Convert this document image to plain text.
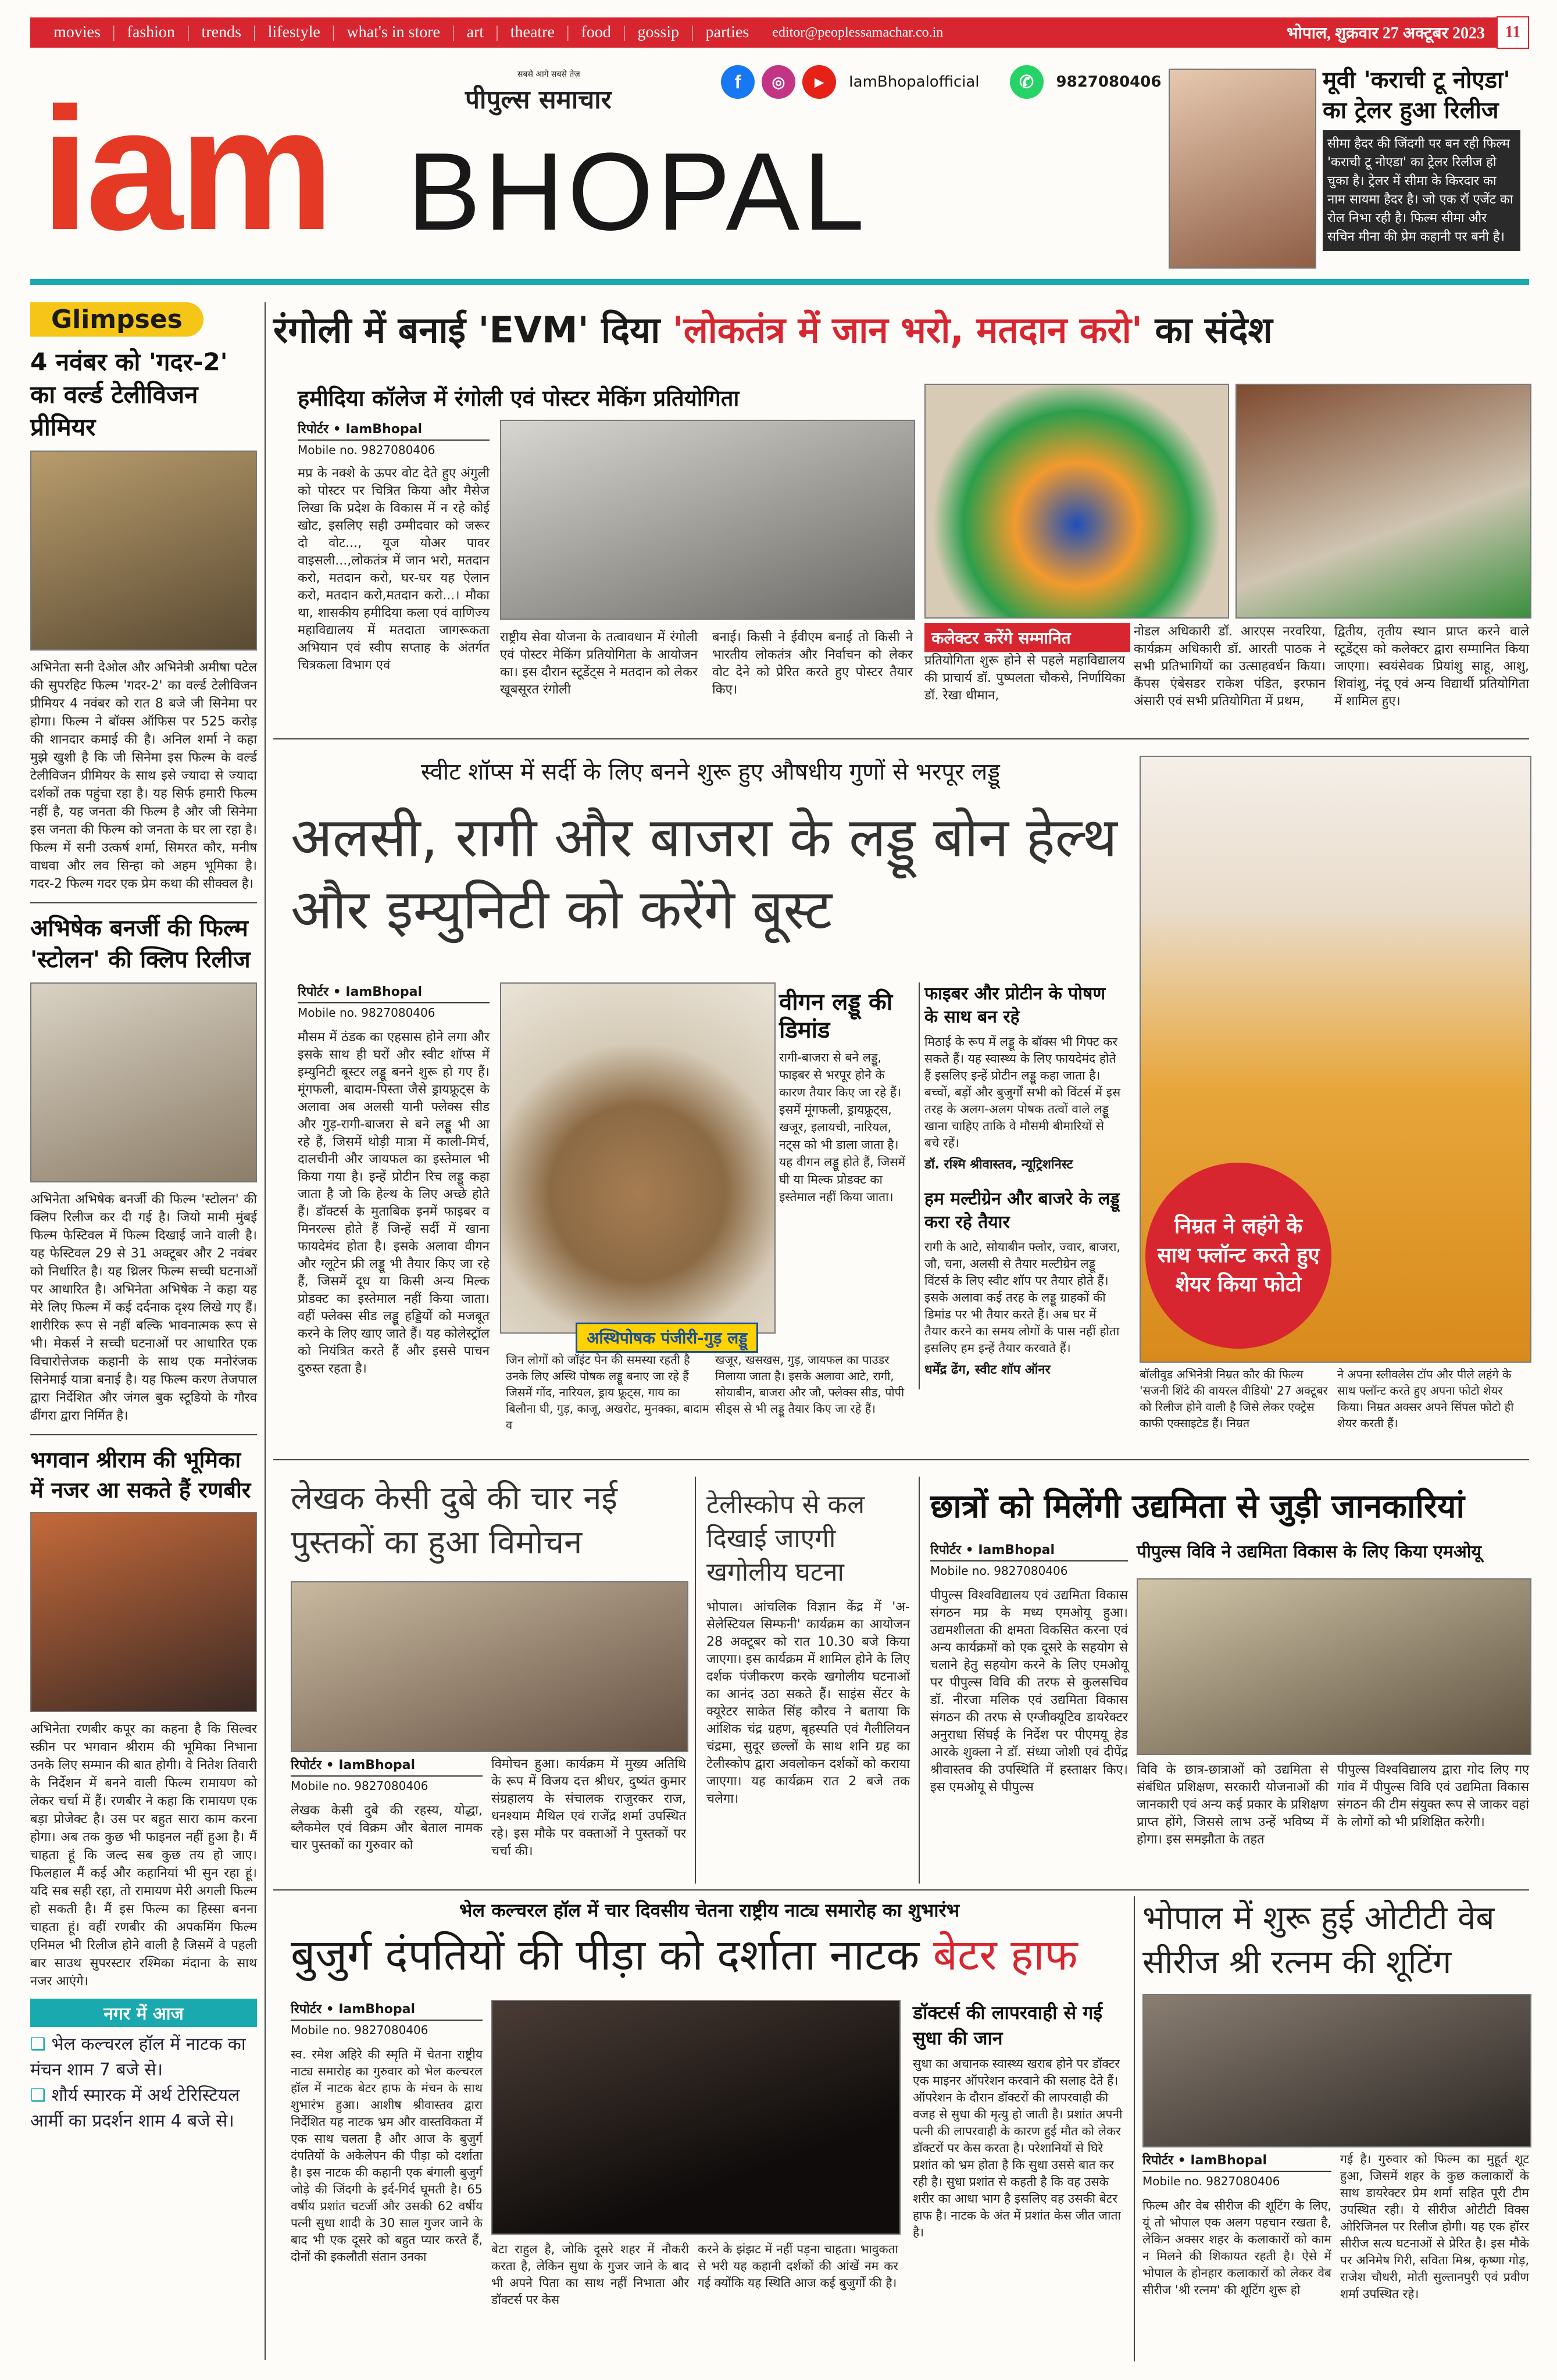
movies | fashion | trends | lifestyle | what's in store | art | theatre | food | gossip | parties	editor@peoplessamachar.co.in	भोपाल, शुक्रवार 27 अक्टूबर 2023	11
iam BHOPAL
सबसे आगे सबसे तेज़
पीपुल्स समाचार
f	◎	▶	IamBhopalofficial	✆	9827080406	मूवी 'कराची टू नोएडा' का ट्रेलर हुआ रिलीज
सीमा हैदर की जिंदगी पर बन रही फिल्म 'कराची टू नोएडा' का ट्रेलर रिलीज हो चुका है। ट्रेलर में सीमा के किरदार का नाम सायमा हैदर है। जो एक रॉ एजेंट का रोल निभा रही है। फिल्म सीमा और सचिन मीना की प्रेम कहानी पर बनी है।
Glimpses
4 नवंबर को 'गदर-2' का वर्ल्ड टेलीविजन प्रीमियर
अभिनेता सनी देओल और अभिनेत्री अमीषा पटेल की सुपरहिट फिल्म 'गदर-2' का वर्ल्ड टेलीविजन प्रीमियर 4 नवंबर को रात 8 बजे जी सिनेमा पर होगा। फिल्म ने बॉक्स ऑफिस पर 525 करोड़ की शानदार कमाई की है। अनिल शर्मा ने कहा मुझे खुशी है कि जी सिनेमा इस फिल्म के वर्ल्ड टेलीविजन प्रीमियर के साथ इसे ज्यादा से ज्यादा दर्शकों तक पहुंचा रहा है। यह सिर्फ हमारी फिल्म नहीं है, यह जनता की फिल्म है और जी सिनेमा इस जनता की फिल्म को जनता के घर ला रहा है। फिल्म में सनी उत्कर्ष शर्मा, सिमरत कौर, मनीष वाधवा और लव सिन्हा को अहम भूमिका है। गदर-2 फिल्म गदर एक प्रेम कथा की सीक्वल है।
अभिषेक बनर्जी की फिल्म 'स्टोलन' की क्लिप रिलीज
अभिनेता अभिषेक बनर्जी की फिल्म 'स्टोलन' की क्लिप रिलीज कर दी गई है। जियो मामी मुंबई फिल्म फेस्टिवल में फिल्म दिखाई जाने वाली है। यह फेस्टिवल 29 से 31 अक्टूबर और 2 नवंबर को निर्धारित है। यह थ्रिलर फिल्म सच्ची घटनाओं पर आधारित है। अभिनेता अभिषेक ने कहा यह मेरे लिए फिल्म में कई दर्दनाक दृश्य लिखे गए हैं। शारीरिक रूप से नहीं बल्कि भावनात्मक रूप से भी। मेकर्स ने सच्ची घटनाओं पर आधारित एक विचारोत्तेजक कहानी के साथ एक मनोरंजक सिनेमाई यात्रा बनाई है। यह फिल्म करण तेजपाल द्वारा निर्देशित और जंगल बुक स्टूडियो के गौरव ढींगरा द्वारा निर्मित है।
भगवान श्रीराम की भूमिका में नजर आ सकते हैं रणबीर
अभिनेता रणबीर कपूर का कहना है कि सिल्वर स्क्रीन पर भगवान श्रीराम की भूमिका निभाना उनके लिए सम्मान की बात होगी। वे नितेश तिवारी के निर्देशन में बनने वाली फिल्म रामायण को लेकर चर्चा में हैं। रणबीर ने कहा कि रामायण एक बड़ा प्रोजेक्ट है। उस पर बहुत सारा काम करना होगा। अब तक कुछ भी फाइनल नहीं हुआ है। मैं चाहता हूं कि जल्द सब कुछ तय हो जाए। फिलहाल मैं कई और कहानियां भी सुन रहा हूं। यदि सब सही रहा, तो रामायण मेरी अगली फिल्म हो सकती है। मैं इस फिल्म का हिस्सा बनना चाहता हूं। वहीं रणबीर की अपकमिंग फिल्म एनिमल भी रिलीज होने वाली है जिसमें वे पहली बार साउथ सुपरस्टार रश्मिका मंदाना के साथ नजर आएंगे।
नगर में आज
❑ भेल कल्चरल हॉल में नाटक का मंचन शाम 7 बजे से।
❑ शौर्य स्मारक में अर्थ टेरिस्टियल आर्मी का प्रदर्शन शाम 4 बजे से।
रंगोली में बनाई 'EVM' दिया 'लोकतंत्र में जान भरो, मतदान करो' का संदेश
हमीदिया कॉलेज में रंगोली एवं पोस्टर मेकिंग प्रतियोगिता
रिपोर्टर • IamBhopal
Mobile no. 9827080406
मप्र के नक्शे के ऊपर वोट देते हुए अंगुली को पोस्टर पर चित्रित किया और मैसेज लिखा कि प्रदेश के विकास में न रहे कोई खोट, इसलिए सही उम्मीदवार को जरूर दो वोट..., यूज योअर पावर वाइसली...,लोकतंत्र में जान भरो, मतदान करो, मतदान करो, घर-घर यह ऐलान करो, मतदान करो,मतदान करो...। मौका था, शासकीय हमीदिया कला एवं वाणिज्य महाविद्यालय में मतदाता जागरूकता अभियान एवं स्वीप सप्ताह के अंतर्गत चित्रकला विभाग एवं
राष्ट्रीय सेवा योजना के तत्वावधान में रंगोली एवं पोस्टर मेकिंग प्रतियोगिता के आयोजन का। इस दौरान स्टूडेंट्स ने मतदान को लेकर खूबसूरत रंगोली
बनाई। किसी ने ईवीएम बनाई तो किसी ने भारतीय लोकतंत्र और निर्वाचन को लेकर वोट देने को प्रेरित करते हुए पोस्टर तैयार किए।
कलेक्टर करेंगे सम्मानित
प्रतियोगिता शुरू होने से पहले महाविद्यालय की प्राचार्य डॉ. पुष्पलता चौकसे, निर्णायिका डॉ. रेखा धीमान,
नोडल अधिकारी डॉ. आरएस नरवरिया, कार्यक्रम अधिकारी डॉ. आरती पाठक ने सभी प्रतिभागियों का उत्साहवर्धन किया। कैंपस एंबेसडर राकेश पंडित, इरफान अंसारी एवं सभी प्रतियोगिता में प्रथम,
द्वितीय, तृतीय स्थान प्राप्त करने वाले स्टूडेंट्स को कलेक्टर द्वारा सम्मानित किया जाएगा। स्वयंसेवक प्रियांशु साहू, आशु, शिवांशु, नंदू एवं अन्य विद्यार्थी प्रतियोगिता में शामिल हुए।
स्वीट शॉप्स में सर्दी के लिए बनने शुरू हुए औषधीय गुणों से भरपूर लड्डू
अलसी, रागी और बाजरा के लड्डू बोन हेल्थ और इम्युनिटी को करेंगे बूस्ट
रिपोर्टर • IamBhopal
Mobile no. 9827080406
मौसम में ठंडक का एहसास होने लगा और इसके साथ ही घरों और स्वीट शॉप्स में इम्युनिटी बूस्टर लड्डू बनने शुरू हो गए हैं। मूंगफली, बादाम-पिस्ता जैसे ड्रायफ्रूट्स के अलावा अब अलसी यानी फ्लेक्स सीड और गुड़-रागी-बाजरा से बने लड्डू भी आ रहे हैं, जिसमें थोड़ी मात्रा में काली-मिर्च, दालचीनी और जायफल का इस्तेमाल भी किया गया है। इन्हें प्रोटीन रिच लड्डू कहा जाता है जो कि हेल्थ के लिए अच्छे होते हैं। डॉक्टर्स के मुताबिक इनमें फाइबर व मिनरल्स होते हैं जिन्हें सर्दी में खाना फायदेमंद होता है। इसके अलावा वीगन और ग्लूटेन फ्री लड्डू भी तैयार किए जा रहे हैं, जिसमें दूध या किसी अन्य मिल्क प्रोडक्ट का इस्तेमाल नहीं किया जाता। वहीं फ्लेक्स सीड लड्डू हड्डियों को मजबूत करने के लिए खाए जाते हैं। यह कोलेस्ट्रॉल को नियंत्रित करते हैं और इससे पाचन दुरुस्त रहता है।
अस्थिपोषक पंजीरी-गुड़ लड्डू
वीगन लड्डू की डिमांड
रागी-बाजरा से बने लड्डू, फाइबर से भरपूर होने के कारण तैयार किए जा रहे हैं। इसमें मूंगफली, ड्रायफ्रूट्स, खजूर, इलायची, नारियल, नट्स को भी डाला जाता है। यह वीगन लड्डू होते हैं, जिसमें घी या मिल्क प्रोडक्ट का इस्तेमाल नहीं किया जाता।
फाइबर और प्रोटीन के पोषण के साथ बन रहे
मिठाई के रूप में लड्डू के बॉक्स भी गिफ्ट कर सकते हैं। यह स्वास्थ्य के लिए फायदेमंद होते हैं इसलिए इन्हें प्रोटीन लड्डू कहा जाता है। बच्चों, बड़ों और बुजुर्गों सभी को विंटर्स में इस तरह के अलग-अलग पोषक तत्वों वाले लड्डू खाना चाहिए ताकि वे मौसमी बीमारियों से बचे रहें।
डॉ. रश्मि श्रीवास्तव, न्यूट्रिशनिस्ट
हम मल्टीग्रेन और बाजरे के लड्डू करा रहे तैयार
रागी के आटे, सोयाबीन फ्लोर, ज्वार, बाजरा, जौ, चना, अलसी से तैयार मल्टीग्रेन लड्डू विंटर्स के लिए स्वीट शॉप पर तैयार होते हैं। इसके अलावा कई तरह के लड्डू ग्राहकों की डिमांड पर भी तैयार करते हैं। अब घर में तैयार करने का समय लोगों के पास नहीं होता इसलिए हम इन्हें तैयार करवाते हैं।
धर्मेंद्र ढेंग, स्वीट शॉप ऑनर
जिन लोगों को जॉइंट पेन की समस्या रहती है उनके लिए अस्थि पोषक लड्डू बनाए जा रहे हैं जिसमें गोंद, नारियल, ड्राय फ्रूट्स, गाय का बिलौना घी, गुड़, काजू, अखरोट, मुनक्का, बादाम व
खजूर, खसखस, गुड़, जायफल का पाउडर मिलाया जाता है। इसके अलावा आटे, रागी, सोयाबीन, बाजरा और जौ, फ्लेक्स सीड, पोपी सीड्स से भी लड्डू तैयार किए जा रहे हैं।
निम्रत ने लहंगे के साथ फ्लॉन्ट करते हुए शेयर किया फोटो
बॉलीवुड अभिनेत्री निम्रत कौर की फिल्म 'सजनी शिंदे की वायरल वीडियो' 27 अक्टूबर को रिलीज होने वाली है जिसे लेकर एक्ट्रेस काफी एक्साइटेड हैं। निम्रत
ने अपना स्लीवलेस टॉप और पीले लहंगे के साथ फ्लॉन्ट करते हुए अपना फोटो शेयर किया। निम्रत अक्सर अपने सिंपल फोटो ही शेयर करती हैं।
लेखक केसी दुबे की चार नई पुस्तकों का हुआ विमोचन
रिपोर्टर • IamBhopal
Mobile no. 9827080406
लेखक केसी दुबे की रहस्य, योद्धा, ब्लैकमेल एवं विक्रम और बेताल नामक चार पुस्तकों का गुरुवार को
विमोचन हुआ। कार्यक्रम में मुख्य अतिथि के रूप में विजय दत्त श्रीधर, दुष्यंत कुमार संग्रहालय के संचालक राजुरकर राज, धनश्याम मैथिल एवं राजेंद्र शर्मा उपस्थित रहे। इस मौके पर वक्ताओं ने पुस्तकों पर चर्चा की।
टेलीस्कोप से कल दिखाई जाएगी खगोलीय घटना
भोपाल। आंचलिक विज्ञान केंद्र में 'अ-सेलेस्टियल सिम्फनी' कार्यक्रम का आयोजन 28 अक्टूबर को रात 10.30 बजे किया जाएगा। इस कार्यक्रम में शामिल होने के लिए दर्शक पंजीकरण करके खगोलीय घटनाओं का आनंद उठा सकते हैं। साइंस सेंटर के क्यूरेटर साकेत सिंह कौरव ने बताया कि आंशिक चंद्र ग्रहण, बृहस्पति एवं गैलीलियन चंद्रमा, सुदूर छल्लों के साथ शनि ग्रह का टेलीस्कोप द्वारा अवलोकन दर्शकों को कराया जाएगा। यह कार्यक्रम रात 2 बजे तक चलेगा।
छात्रों को मिलेंगी उद्यमिता से जुड़ी जानकारियां
रिपोर्टर • IamBhopal
Mobile no. 9827080406
पीपुल्स विश्वविद्यालय एवं उद्यमिता विकास संगठन मप्र के मध्य एमओयू हुआ। उद्यमशीलता की क्षमता विकसित करना एवं अन्य कार्यक्रमों को एक दूसरे के सहयोग से चलाने हेतु सहयोग करने के लिए एमओयू पर पीपुल्स विवि की तरफ से कुलसचिव डॉ. नीरजा मलिक एवं उद्यमिता विकास संगठन की तरफ से एग्जीक्यूटिव डायरेक्टर अनुराधा सिंघई के निर्देश पर पीएमयू हेड आरके शुक्ला ने डॉ. संध्या जोशी एवं दीपेंद्र श्रीवास्तव की उपस्थिति में हस्ताक्षर किए। इस एमओयू से पीपुल्स
पीपुल्स विवि ने उद्यमिता विकास के लिए किया एमओयू
विवि के छात्र-छात्राओं को उद्यमिता से संबंधित प्रशिक्षण, सरकारी योजनाओं की जानकारी एवं अन्य कई प्रकार के प्रशिक्षण प्राप्त होंगे, जिससे लाभ उन्हें भविष्य में होगा। इस समझौता के तहत
पीपुल्स विश्वविद्यालय द्वारा गोद लिए गए गांव में पीपुल्स विवि एवं उद्यमिता विकास संगठन की टीम संयुक्त रूप से जाकर वहां के लोगों को भी प्रशिक्षित करेगी।
भेल कल्चरल हॉल में चार दिवसीय चेतना राष्ट्रीय नाट्य समारोह का शुभारंभ
बुजुर्ग दंपतियों की पीड़ा को दर्शाता नाटक बेटर हाफ
रिपोर्टर • IamBhopal
Mobile no. 9827080406
स्व. रमेश अहिरे की स्मृति में चेतना राष्ट्रीय नाट्य समारोह का गुरुवार को भेल कल्चरल हॉल में नाटक बेटर हाफ के मंचन के साथ शुभारंभ हुआ। आशीष श्रीवास्तव द्वारा निर्देशित यह नाटक भ्रम और वास्तविकता में एक साथ चलता है और आज के बुजुर्ग दंपतियों के अकेलेपन की पीड़ा को दर्शाता है। इस नाटक की कहानी एक बंगाली बुजुर्ग जोड़े की जिंदगी के इर्द-गिर्द घूमती है। 65 वर्षीय प्रशांत चटर्जी और उसकी 62 वर्षीय पत्नी सुधा शादी के 30 साल गुजर जाने के बाद भी एक दूसरे को बहुत प्यार करते हैं, दोनों की इकलौती संतान उनका
बेटा राहुल है, जोकि दूसरे शहर में नौकरी करता है, लेकिन सुधा के गुजर जाने के बाद भी अपने पिता का साथ नहीं निभाता और डॉक्टर्स पर केस
करने के झंझट में नहीं पड़ना चाहता। भावुकता से भरी यह कहानी दर्शकों की आंखें नम कर गई क्योंकि यह स्थिति आज कई बुजुर्गों की है।
डॉक्टर्स की लापरवाही से गई सुधा की जान
सुधा का अचानक स्वास्थ्य खराब होने पर डॉक्टर एक माइनर ऑपरेशन करवाने की सलाह देते हैं। ऑपरेशन के दौरान डॉक्टरों की लापरवाही की वजह से सुधा की मृत्यु हो जाती है। प्रशांत अपनी पत्नी की लापरवाही के कारण हुई मौत को लेकर डॉक्टरों पर केस करता है। परेशानियों से घिरे प्रशांत को भ्रम होता है कि सुधा उससे बात कर रही है। सुधा प्रशांत से कहती है कि वह उसके शरीर का आधा भाग है इसलिए वह उसकी बेटर हाफ है। नाटक के अंत में प्रशांत केस जीत जाता है।
भोपाल में शुरू हुई ओटीटी वेब सीरीज श्री रत्नम की शूटिंग
रिपोर्टर • IamBhopal
Mobile no. 9827080406
फिल्म और वेब सीरीज की शूटिंग के लिए, यूं तो भोपाल एक अलग पहचान रखता है, लेकिन अक्सर शहर के कलाकारों को काम न मिलने की शिकायत रहती है। ऐसे में भोपाल के होनहार कलाकारों को लेकर वेब सीरीज 'श्री रत्नम' की शूटिंग शुरू हो
गई है। गुरुवार को फिल्म का मुहूर्त शूट हुआ, जिसमें शहर के कुछ कलाकारों के साथ डायरेक्टर प्रेम शर्मा सहित पूरी टीम उपस्थित रही। ये सीरीज ओटीटी विक्स ओरिजिनल पर रिलीज होगी। यह एक हॉरर सीरीज सत्य घटनाओं से प्रेरित है। इस मौके पर अनिमेष गिरी, सविता मिश्र, कृष्णा गोड़, राजेश चौधरी, मोती सुल्तानपुरी एवं प्रवीण शर्मा उपस्थित रहे।
